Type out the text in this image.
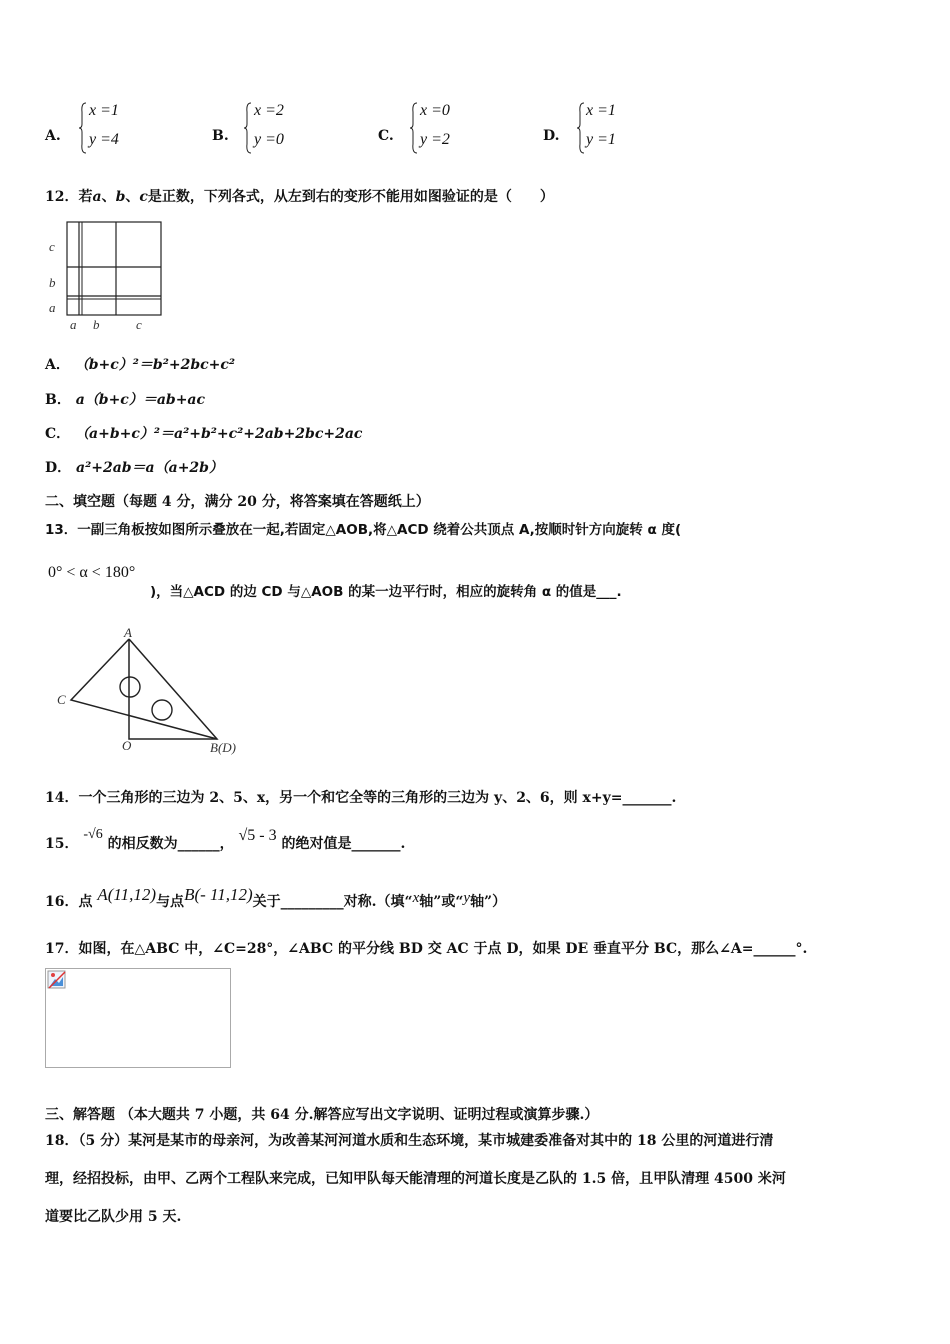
A.
x =1
y =4	B.
x =2
y =0	C.
x =0
y =2	D.
x =1
y =1
12．若a、b、c是正数，下列各式，从左到右的变形不能用如图验证的是（　　）
c
b
a
a b	c
A． （b+c）²＝b²+2bc+c²
B． a（b+c）＝ab+ac
C． （a+b+c）²＝a²+b²+c²+2ab+2bc+2ac
D． a²+2ab＝a（a+2b）
二、填空题（每题 4 分，满分 20 分，将答案填在答题纸上）
13．一副三角板按如图所示叠放在一起,若固定△AOB,将△ACD 绕着公共顶点 A,按顺时针方向旋转 α 度(
0° < α < 180°
)，当△ACD 的边 CD 与△AOB 的某一边平行时，相应的旋转角 α 的值是___.
A
C
O	B(D)
14．一个三角形的三边为 2、5、x，另一个和它全等的三角形的三边为 y、2、6，则 x+y=_______.
15． -√6 的相反数为______， √5 - 3 的绝对值是_______.
16．点 A(11,12)与点B(- 11,12)关于_________对称.（填“x轴”或“y轴”）
17．如图，在△ABC 中，∠C=28°，∠ABC 的平分线 BD 交 AC 于点 D，如果 DE 垂直平分 BC，那么∠A=______°.
三、解答题 （本大题共 7 小题，共 64 分.解答应写出文字说明、证明过程或演算步骤.）
18．（5 分）某河是某市的母亲河，为改善某河河道水质和生态环境，某市城建委准备对其中的 18 公里的河道进行清
理，经招投标，由甲、乙两个工程队来完成，已知甲队每天能清理的河道长度是乙队的 1.5 倍，且甲队清理 4500 米河
道要比乙队少用 5 天.
